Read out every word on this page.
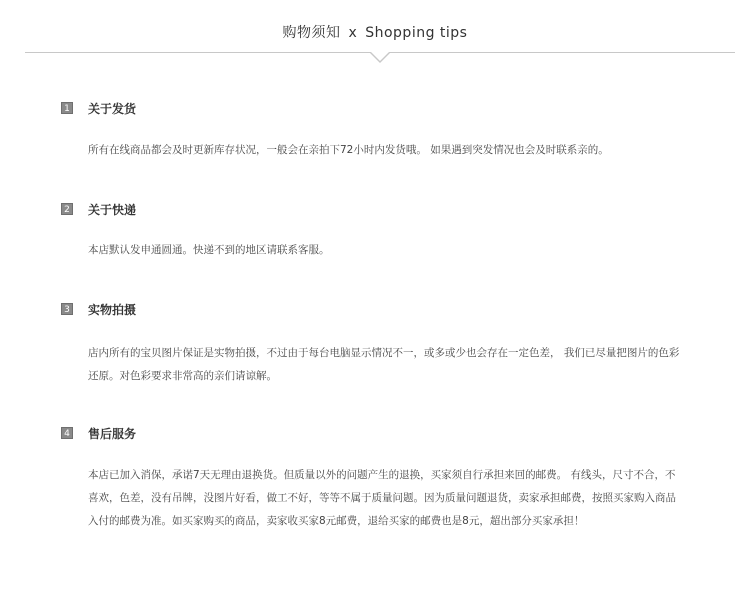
购物须知 x Shopping tips
1 关于发货
所有在线商品都会及时更新库存状况，一般会在亲拍下72小时内发货哦。 如果遇到突发情况也会及时联系亲的。
2 关于快递
本店默认发申通圆通。快递不到的地区请联系客服。
3 实物拍摄
店内所有的宝贝图片保证是实物拍摄，不过由于每台电脑显示情况不一，或多或少也会存在一定色差， 我们已尽量把图片的色彩还原。对色彩要求非常高的亲们请谅解。
4 售后服务
本店已加入消保，承诺7天无理由退换货。但质量以外的问题产生的退换，买家须自行承担来回的邮费。 有线头，尺寸不合，不喜欢，色差，没有吊牌，没图片好看，做工不好，等等不属于质量问题。因为质量问题退货，卖家承担邮费，按照买家购入商品入付的邮费为准。如买家购买的商品，卖家收买家8元邮费，退给买家的邮费也是8元，超出部分买家承担！
